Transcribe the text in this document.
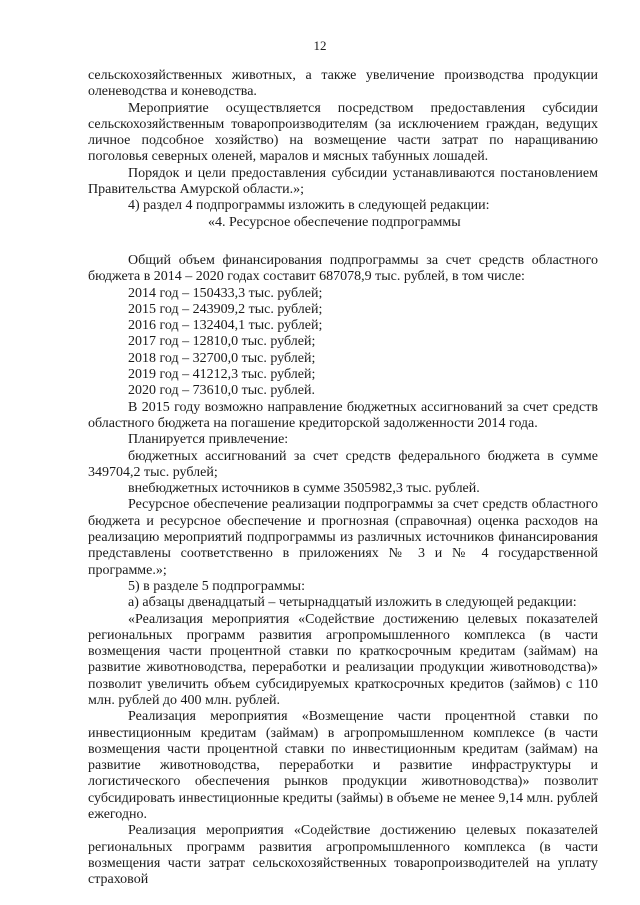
12

сельскохозяйственных животных, а также увеличение производства продукции оленеводства и коневодства.

Мероприятие осуществляется посредством предоставления субсидии сельскохозяйственным товаропроизводителям (за исключением граждан, ведущих личное подсобное хозяйство) на возмещение части затрат по наращиванию поголовья северных оленей, маралов и мясных табунных лошадей.

Порядок и цели предоставления субсидии устанавливаются постановлением Правительства Амурской области.»;

4) раздел 4 подпрограммы изложить в следующей редакции:

«4. Ресурсное обеспечение подпрограммы

Общий объем финансирования подпрограммы за счет средств областного бюджета в 2014 – 2020 годах составит 687078,9 тыс. рублей, в том числе:

2014 год – 150433,3 тыс. рублей;

2015 год – 243909,2 тыс. рублей;

2016 год – 132404,1 тыс. рублей;

2017 год – 12810,0 тыс. рублей;

2018 год – 32700,0 тыс. рублей;

2019 год – 41212,3 тыс. рублей;

2020 год – 73610,0 тыс. рублей.

В 2015 году возможно направление бюджетных ассигнований за счет средств областного бюджета на погашение кредиторской задолженности 2014 года.

Планируется привлечение:

бюджетных ассигнований за счет средств федерального бюджета в сумме 349704,2 тыс. рублей;

внебюджетных источников в сумме 3505982,3 тыс. рублей.

Ресурсное обеспечение реализации подпрограммы за счет средств областного бюджета и ресурсное обеспечение и прогнозная (справочная) оценка расходов на реализацию мероприятий подпрограммы из различных источников финансирования представлены соответственно в приложениях № 3 и № 4 государственной программе.»;

5) в разделе 5 подпрограммы:

а) абзацы двенадцатый – четырнадцатый изложить в следующей редакции:

«Реализация мероприятия «Содействие достижению целевых показателей региональных программ развития агропромышленного комплекса (в части возмещения части процентной ставки по краткосрочным кредитам (займам) на развитие животноводства, переработки и реализации продукции животноводства)» позволит увеличить объем субсидируемых краткосрочных кредитов (займов) с 110 млн. рублей до 400 млн. рублей.

Реализация мероприятия «Возмещение части процентной ставки по инвестиционным кредитам (займам) в агропромышленном комплексе (в части возмещения части процентной ставки по инвестиционным кредитам (займам) на развитие животноводства, переработки и развитие инфраструктуры и логистического обеспечения рынков продукции животноводства)» позволит субсидировать инвестиционные кредиты (займы) в объеме не менее 9,14 млн. рублей ежегодно.

Реализация мероприятия «Содействие достижению целевых показателей региональных программ развития агропромышленного комплекса (в части возмещения части затрат сельскохозяйственных товаропроизводителей на уплату страховой
